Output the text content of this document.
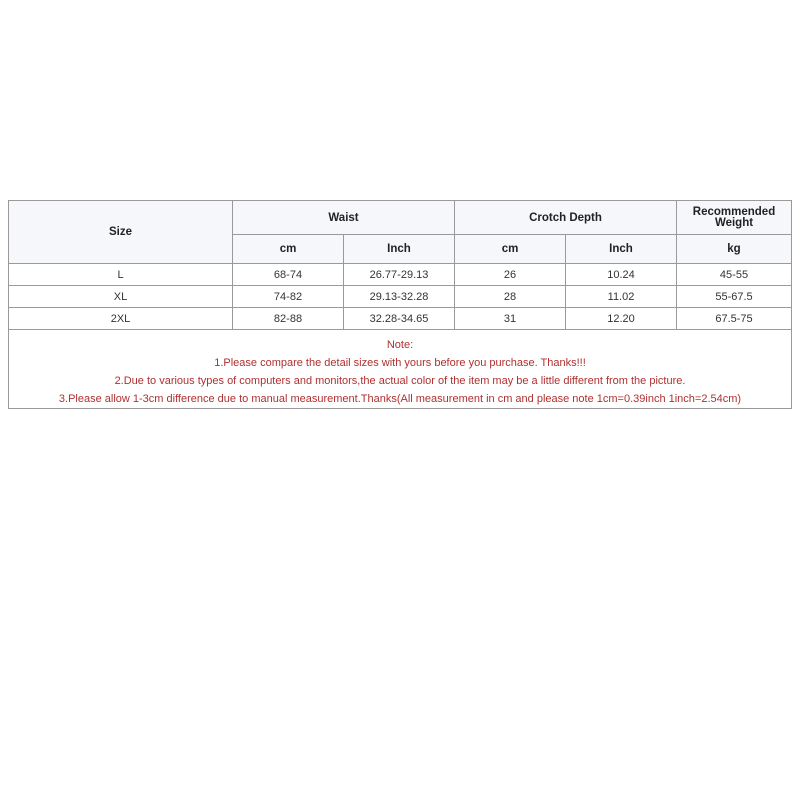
Size	Waist		Crotch Depth		Recommended Weight
	cm	Inch	cm	Inch	kg
L	68-74	26.77-29.13	26	10.24	45-55
XL	74-82	29.13-32.28	28	11.02	55-67.5
2XL	82-88	32.28-34.65	31	12.20	67.5-75

Note:
1.Please compare the detail sizes with yours before you purchase. Thanks!!!
2.Due to various types of computers and monitors,the actual color of the item may be a little different from the picture.
3.Please allow 1-3cm difference due to manual measurement.Thanks(All measurement in cm and please note 1cm=0.39inch 1inch=2.54cm)					
